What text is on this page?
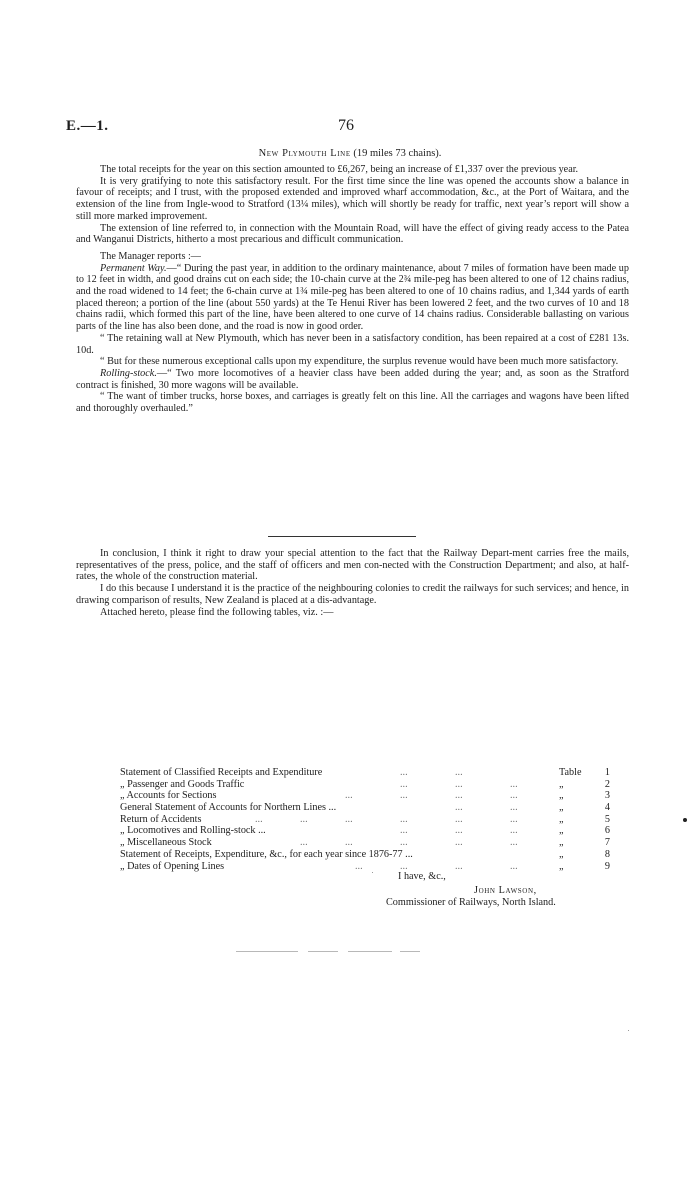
E.—1.	76
New Plymouth Line (19 miles 73 chains).

The total receipts for the year on this section amounted to £6,267, being an increase of £1,337 over the previous year.

It is very gratifying to note this satisfactory result. For the first time since the line was opened the accounts show a balance in favour of receipts; and I trust, with the proposed extended and improved wharf accommodation, &c., at the Port of Waitara, and the extension of the line from Ingle-wood to Stratford (13¼ miles), which will shortly be ready for traffic, next year’s report will show a still more marked improvement.

The extension of line referred to, in connection with the Mountain Road, will have the effect of giving ready access to the Patea and Wanganui Districts, hitherto a most precarious and difficult communication.

The Manager reports :—

Permanent Way.—“ During the past year, in addition to the ordinary maintenance, about 7 miles of formation have been made up to 12 feet in width, and good drains cut on each side; the 10-chain curve at the 2¾ mile-peg has been altered to one of 12 chains radius, and the road widened to 14 feet; the 6-chain curve at 1¾ mile-peg has been altered to one of 10 chains radius, and 1,344 yards of earth placed thereon; a portion of the line (about 550 yards) at the Te Henui River has been lowered 2 feet, and the two curves of 10 and 18 chains radii, which formed this part of the line, have been altered to one curve of 14 chains radius. Considerable ballasting on various parts of the line has also been done, and the road is now in good order.

“ The retaining wall at New Plymouth, which has never been in a satisfactory condition, has been repaired at a cost of £281 13s. 10d.

“ But for these numerous exceptional calls upon my expenditure, the surplus revenue would have been much more satisfactory.

Rolling-stock.—“ Two more locomotives of a heavier class have been added during the year; and, as soon as the Stratford contract is finished, 30 more wagons will be available.

“ The want of timber trucks, horse boxes, and carriages is greatly felt on this line. All the carriages and wagons have been lifted and thoroughly overhauled.”

In conclusion, I think it right to draw your special attention to the fact that the Railway Depart-ment carries free the mails, representatives of the press, police, and the staff of officers and men con-nected with the Construction Department; and also, at half-rates, the whole of the construction material.

I do this because I understand it is the practice of the neighbouring colonies to credit the railways for such services; and hence, in drawing comparison of results, New Zealand is placed at a dis-advantage.

Attached hereto, please find the following tables, viz. :—

...	...
Statement of Classified Receipts and Expenditure	Table	1
...	...	...
„ Passenger and Goods Traffic	„	2
...	...	...	...
„ Accounts for Sections	„	3
...	...
General Statement of Accounts for Northern Lines ...	„	4
...	...	...	...	...	...
Return of Accidents	„	5
...	...	...
„ Locomotives and Rolling-stock ...	„	6
...	...	...	...	...
„ Miscellaneous Stock	„	7
Statement of Receipts, Expenditure, &c., for each year since 1876-77 ...	„	8
...	...	...	...
„ Dates of Opening Lines	„	9
I have, &c.,
John Lawson,
Commissioner of Railways, North Island.
